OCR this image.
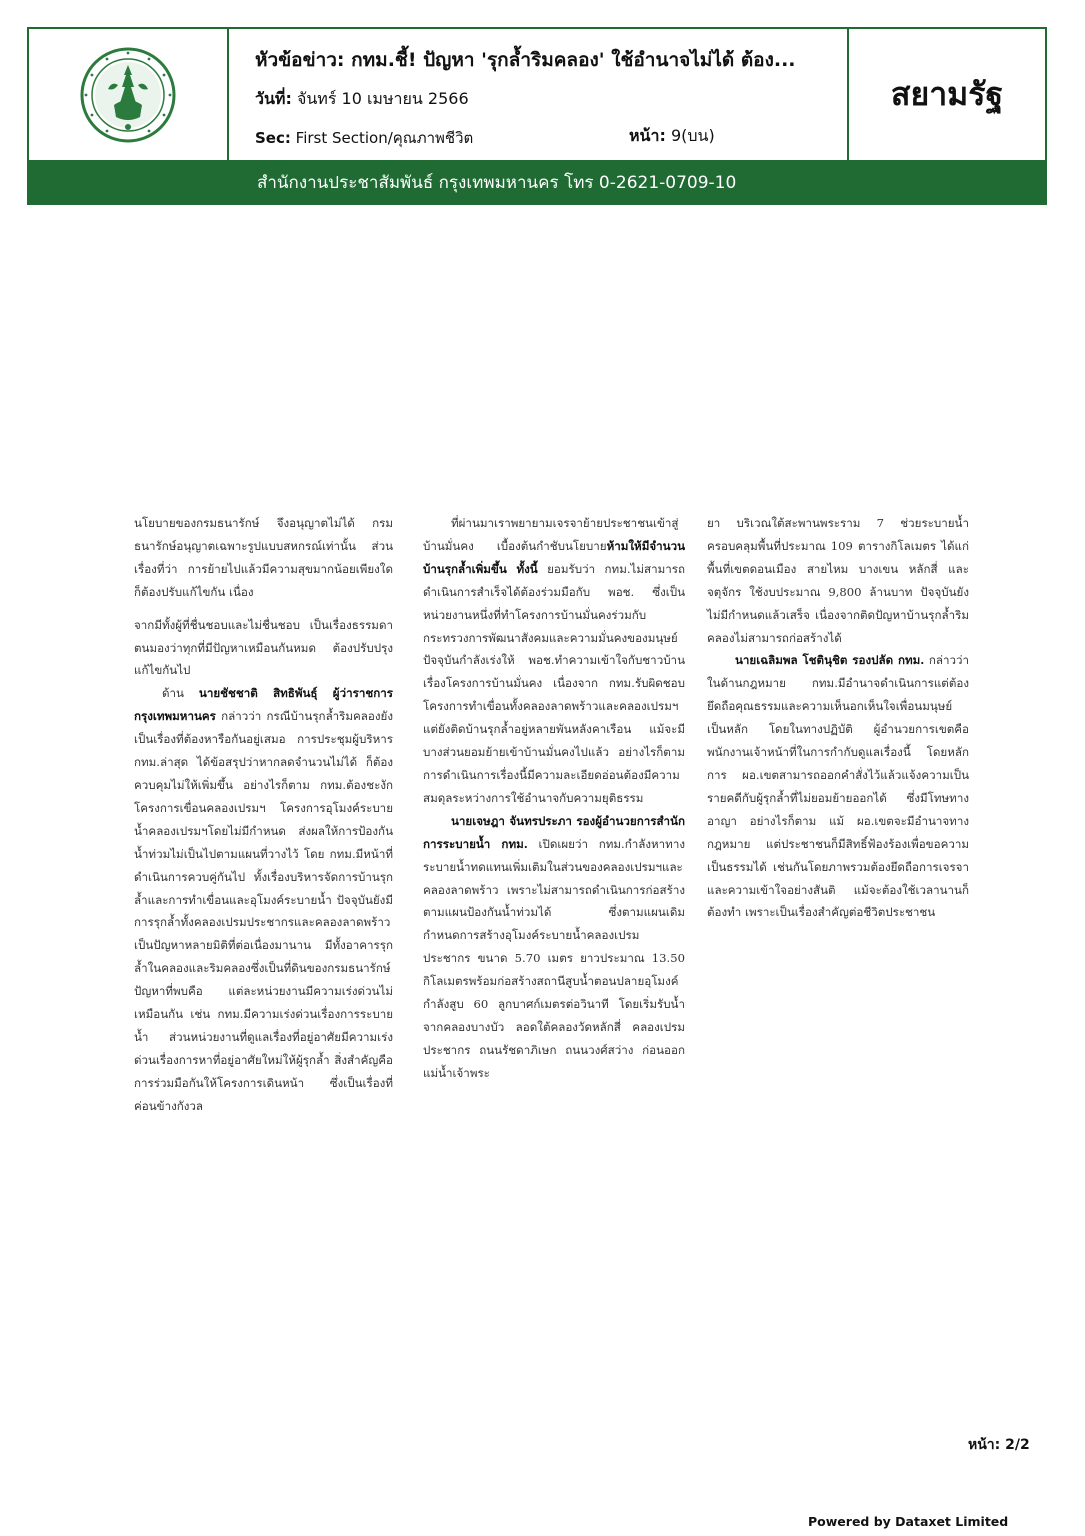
หัวข้อข่าว: กทม.ชี้! ปัญหา 'รุกล้ำริมคลอง' ใช้อำนาจไม่ได้ ต้อง...
วันที่: จันทร์ 10 เมษายน 2566
Sec: First Section/คุณภาพชีวิต	หน้า: 9(บน)
สยามรัฐ
สำนักงานประชาสัมพันธ์ กรุงเทพมหานคร โทร 0-2621-0709-10

นโยบายของกรมธนารักษ์ จึงอนุญาตไม่ได้ กรมธนารักษ์อนุญาตเฉพาะรูปแบบสหกรณ์เท่านั้น ส่วนเรื่องที่ว่า การย้ายไปแล้วมีความสุขมากน้อยเพียงใดก็ต้องปรับแก้ไขกัน เนื่อง

จากมีทั้งผู้ที่ชื่นชอบและไม่ชื่นชอบ เป็นเรื่องธรรมดา ตนมองว่าทุกที่มีปัญหาเหมือนกันหมด ต้องปรับปรุงแก้ไขกันไป

ด้าน นายชัชชาติ สิทธิพันธุ์ ผู้ว่าราชการกรุงเทพมหานคร กล่าวว่า กรณีบ้านรุกล้ำริมคลองยังเป็นเรื่องที่ต้องหารือกันอยู่เสมอ การประชุมผู้บริหาร กทม.ล่าสุด ได้ข้อสรุปว่าหากลดจำนวนไม่ได้ ก็ต้องควบคุมไม่ให้เพิ่มขึ้น อย่างไรก็ตาม กทม.ต้องชะงักโครงการเขื่อนคลองเปรมฯ โครงการอุโมงค์ระบายน้ำคลองเปรมฯโดยไม่มีกำหนด ส่งผลให้การป้องกันน้ำท่วมไม่เป็นไปตามแผนที่วางไว้ โดย กทม.มีหน้าที่ดำเนินการควบคู่กันไป ทั้งเรื่องบริหารจัดการบ้านรุกล้ำและการทำเขื่อนและอุโมงค์ระบายน้ำ ปัจจุบันยังมีการรุกล้ำทั้งคลองเปรมประชากรและคลองลาดพร้าว เป็นปัญหาหลายมิติที่ต่อเนื่องมานาน มีทั้งอาคารรุกล้ำในคลองและริมคลองซึ่งเป็นที่ดินของกรมธนารักษ์ ปัญหาที่พบคือ แต่ละหน่วยงานมีความเร่งด่วนไม่เหมือนกัน เช่น กทม.มีความเร่งด่วนเรื่องการระบายน้ำ ส่วนหน่วยงานที่ดูแลเรื่องที่อยู่อาศัยมีความเร่งด่วนเรื่องการหาที่อยู่อาศัยใหม่ให้ผู้รุกล้ำ สิ่งสำคัญคือการร่วมมือกันให้โครงการเดินหน้า ซึ่งเป็นเรื่องที่ค่อนข้างกังวล

ที่ผ่านมาเราพยายามเจรจาย้ายประชาชนเข้าสู่บ้านมั่นคง เบื้องต้นกำชับนโยบายห้ามให้มีจำนวนบ้านรุกล้ำเพิ่มขึ้น ทั้งนี้ ยอมรับว่า กทม.ไม่สามารถดำเนินการสำเร็จได้ต้องร่วมมือกับ พอช. ซึ่งเป็นหน่วยงานหนึ่งที่ทำโครงการบ้านมั่นคงร่วมกับกระทรวงการพัฒนาสังคมและความมั่นคงของมนุษย์ ปัจจุบันกำลังเร่งให้ พอช.ทำความเข้าใจกับชาวบ้านเรื่องโครงการบ้านมั่นคง เนื่องจาก กทม.รับผิดชอบโครงการทำเขื่อนทั้งคลองลาดพร้าวและคลองเปรมฯ แต่ยังติดบ้านรุกล้ำอยู่หลายพันหลังคาเรือน แม้จะมีบางส่วนยอมย้ายเข้าบ้านมั่นคงไปแล้ว อย่างไรก็ตาม การดำเนินการเรื่องนี้มีความละเอียดอ่อนต้องมีความสมดุลระหว่างการใช้อำนาจกับความยุติธรรม

นายเจษฎา จันทรประภา รองผู้อำนวยการสำนักการระบายน้ำ กทม. เปิดเผยว่า กทม.กำลังหาทางระบายน้ำทดแทนเพิ่มเติมในส่วนของคลองเปรมฯและคลองลาดพร้าว เพราะไม่สามารถดำเนินการก่อสร้างตามแผนป้องกันน้ำท่วมได้ ซึ่งตามแผนเดิม กำหนดการสร้างอุโมงค์ระบายน้ำคลองเปรมประชากร ขนาด 5.70 เมตร ยาวประมาณ 13.50 กิโลเมตรพร้อมก่อสร้างสถานีสูบน้ำตอนปลายอุโมงค์กำลังสูบ 60 ลูกบาศก์เมตรต่อวินาที โดยเริ่มรับน้ำจากคลองบางบัว ลอดใต้คลองวัดหลักสี่ คลองเปรมประชากร ถนนรัชดาภิเษก ถนนวงศ์สว่าง ก่อนออกแม่น้ำเจ้าพระ

ยา บริเวณใต้สะพานพระราม 7 ช่วยระบายน้ำครอบคลุมพื้นที่ประมาณ 109 ตารางกิโลเมตร ได้แก่ พื้นที่เขตดอนเมือง สายไหม บางเขน หลักสี่ และจตุจักร ใช้งบประมาณ 9,800 ล้านบาท ปัจจุบันยังไม่มีกำหนดแล้วเสร็จ เนื่องจากติดปัญหาบ้านรุกล้ำริมคลองไม่สามารถก่อสร้างได้

นายเฉลิมพล โชตินุชิต รองปลัด กทม. กล่าวว่า ในด้านกฎหมาย กทม.มีอำนาจดำเนินการแต่ต้องยึดถือคุณธรรมและความเห็นอกเห็นใจเพื่อนมนุษย์เป็นหลัก โดยในทางปฏิบัติ ผู้อำนวยการเขตคือพนักงานเจ้าหน้าที่ในการกำกับดูแลเรื่องนี้ โดยหลักการ ผอ.เขตสามารถออกคำสั่งไว้แล้วแจ้งความเป็นรายคดีกับผู้รุกล้ำที่ไม่ยอมย้ายออกได้ ซึ่งมีโทษทางอาญา อย่างไรก็ตาม แม้ ผอ.เขตจะมีอำนาจทางกฎหมาย แต่ประชาชนก็มีสิทธิ์ฟ้องร้องเพื่อขอความเป็นธรรมได้ เช่นกันโดยภาพรวมต้องยึดถือการเจรจาและความเข้าใจอย่างสันติ แม้จะต้องใช้เวลานานก็ต้องทำ เพราะเป็นเรื่องสำคัญต่อชีวิตประชาชน

หน้า: 2/2
Powered by Dataxet Limited
